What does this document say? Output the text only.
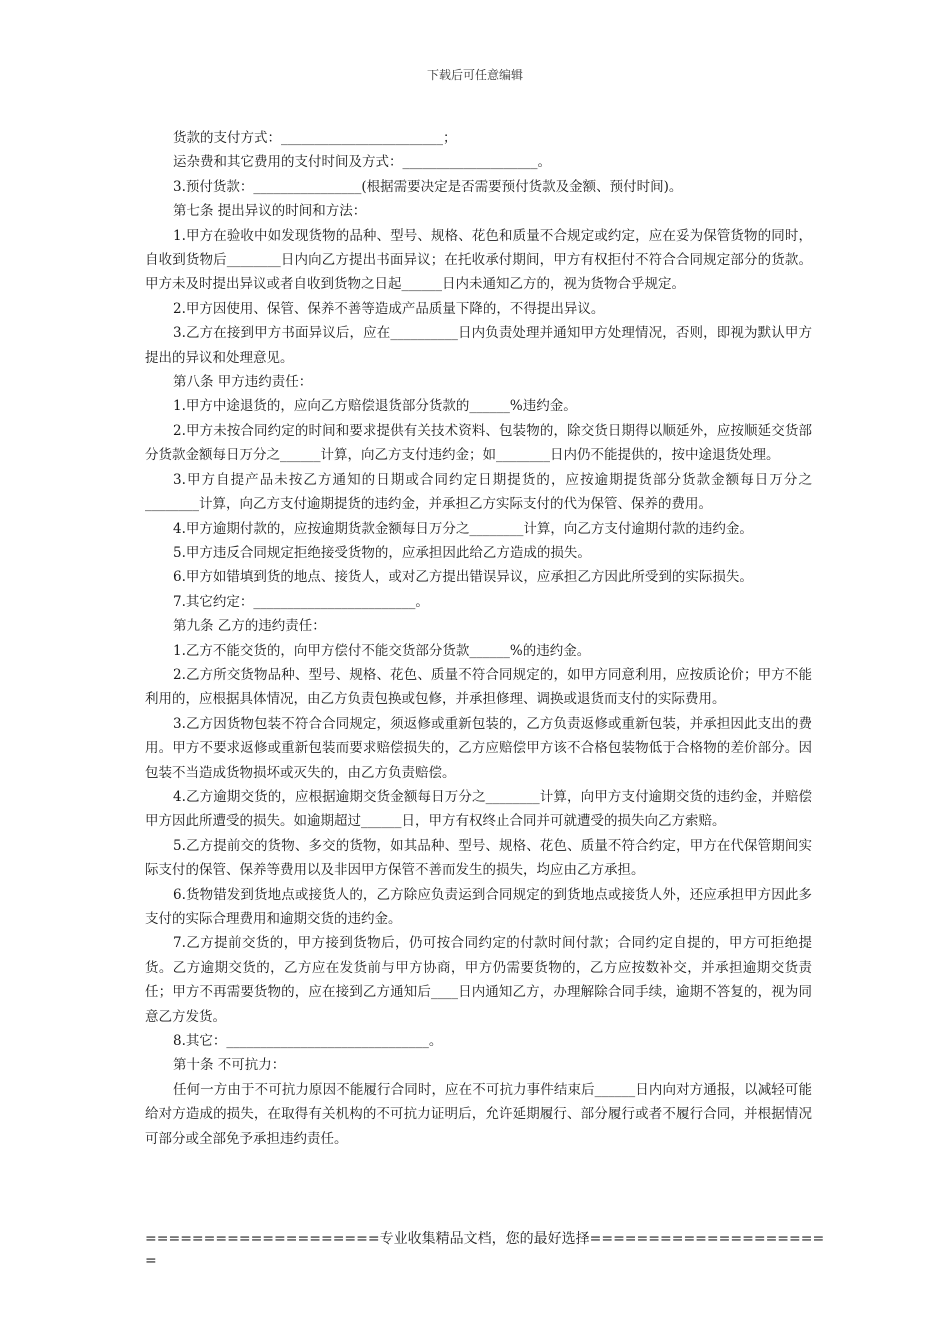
下载后可任意编辑

货款的支付方式：________________________；

运杂费和其它费用的支付时间及方式：____________________。

3.预付货款：________________(根据需要决定是否需要预付货款及金额、预付时间)。

第七条 提出异议的时间和方法：

1.甲方在验收中如发现货物的品种、型号、规格、花色和质量不合规定或约定，应在妥为保管货物的同时，自收到货物后________日内向乙方提出书面异议；在托收承付期间，甲方有权拒付不符合合同规定部分的货款。甲方未及时提出异议或者自收到货物之日起______日内未通知乙方的，视为货物合乎规定。

2.甲方因使用、保管、保养不善等造成产品质量下降的，不得提出异议。

3.乙方在接到甲方书面异议后，应在__________日内负责处理并通知甲方处理情况，否则，即视为默认甲方提出的异议和处理意见。

第八条 甲方违约责任：

1.甲方中途退货的，应向乙方赔偿退货部分货款的______%违约金。

2.甲方未按合同约定的时间和要求提供有关技术资料、包装物的，除交货日期得以顺延外，应按顺延交货部分货款金额每日万分之______计算，向乙方支付违约金；如________日内仍不能提供的，按中途退货处理。

3.甲方自提产品未按乙方通知的日期或合同约定日期提货的，应按逾期提货部分货款金额每日万分之________计算，向乙方支付逾期提货的违约金，并承担乙方实际支付的代为保管、保养的费用。

4.甲方逾期付款的，应按逾期货款金额每日万分之________计算，向乙方支付逾期付款的违约金。

5.甲方违反合同规定拒绝接受货物的，应承担因此给乙方造成的损失。

6.甲方如错填到货的地点、接货人，或对乙方提出错误异议，应承担乙方因此所受到的实际损失。

7.其它约定：________________________。

第九条 乙方的违约责任：

1.乙方不能交货的，向甲方偿付不能交货部分货款______%的违约金。

2.乙方所交货物品种、型号、规格、花色、质量不符合同规定的，如甲方同意利用，应按质论价；甲方不能利用的，应根据具体情况，由乙方负责包换或包修，并承担修理、调换或退货而支付的实际费用。

3.乙方因货物包装不符合合同规定，须返修或重新包装的，乙方负责返修或重新包装，并承担因此支出的费用。甲方不要求返修或重新包装而要求赔偿损失的，乙方应赔偿甲方该不合格包装物低于合格物的差价部分。因包装不当造成货物损坏或灭失的，由乙方负责赔偿。

4.乙方逾期交货的，应根据逾期交货金额每日万分之________计算，向甲方支付逾期交货的违约金，并赔偿甲方因此所遭受的损失。如逾期超过______日，甲方有权终止合同并可就遭受的损失向乙方索赔。

5.乙方提前交的货物、多交的货物，如其品种、型号、规格、花色、质量不符合约定，甲方在代保管期间实际支付的保管、保养等费用以及非因甲方保管不善而发生的损失，均应由乙方承担。

6.货物错发到货地点或接货人的，乙方除应负责运到合同规定的到货地点或接货人外，还应承担甲方因此多支付的实际合理费用和逾期交货的违约金。

7.乙方提前交货的，甲方接到货物后，仍可按合同约定的付款时间付款；合同约定自提的，甲方可拒绝提货。乙方逾期交货的，乙方应在发货前与甲方协商，甲方仍需要货物的，乙方应按数补交，并承担逾期交货责任；甲方不再需要货物的，应在接到乙方通知后____日内通知乙方，办理解除合同手续，逾期不答复的，视为同意乙方发货。

8.其它：______________________________。

第十条 不可抗力：

任何一方由于不可抗力原因不能履行合同时，应在不可抗力事件结束后______日内向对方通报，以减轻可能给对方造成的损失，在取得有关机构的不可抗力证明后，允许延期履行、部分履行或者不履行合同，并根据情况可部分或全部免予承担违约责任。

====================专业收集精品文档，您的最好选择=====================
